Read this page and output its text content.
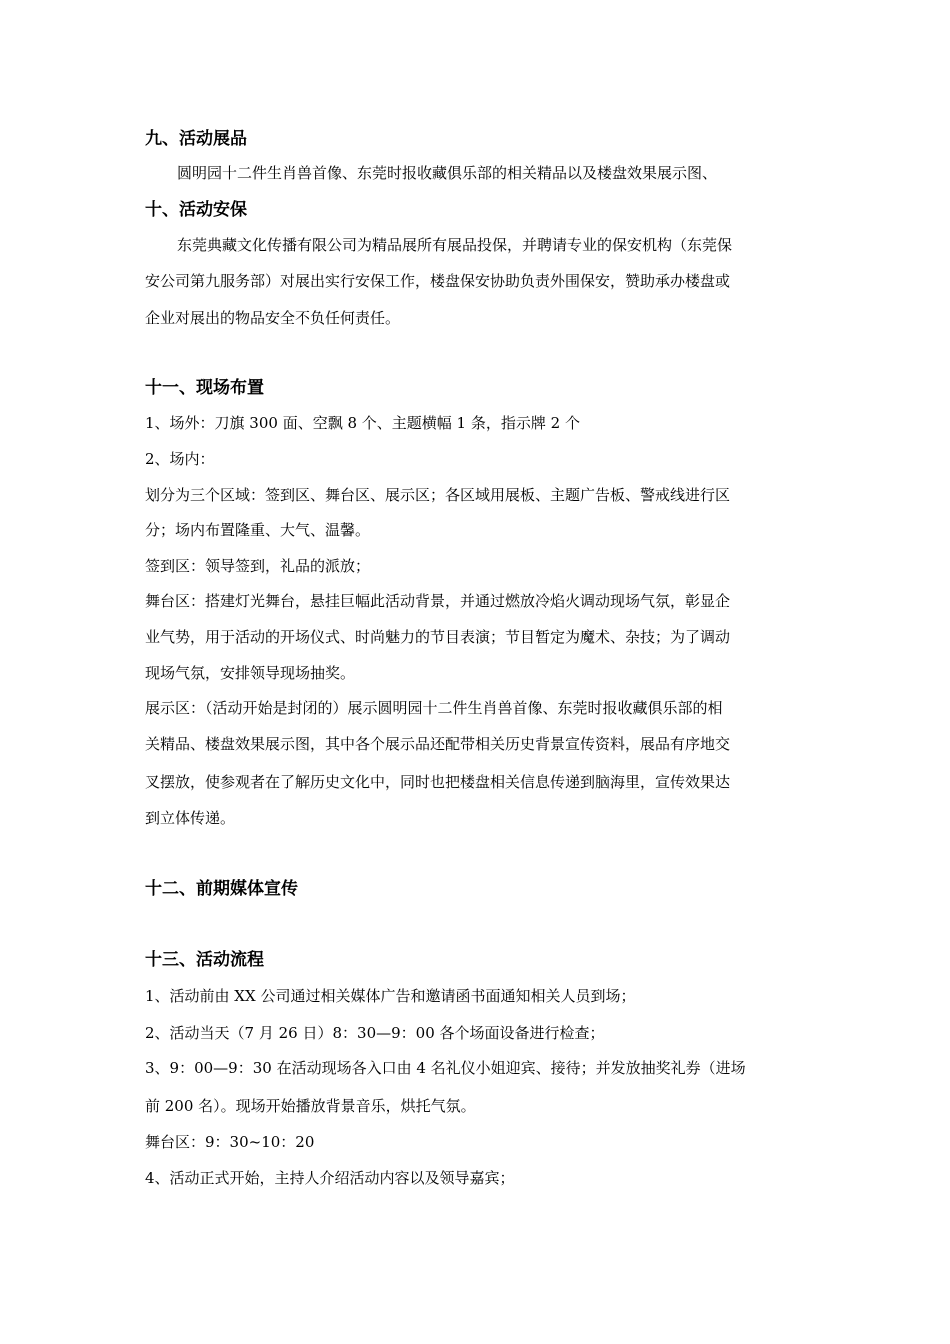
九、活动展品
圆明园十二件生肖兽首像、东莞时报收藏俱乐部的相关精品以及楼盘效果展示图、
十、活动安保
东莞典藏文化传播有限公司为精品展所有展品投保，并聘请专业的保安机构（东莞保
安公司第九服务部）对展出实行安保工作，楼盘保安协助负责外围保安，赞助承办楼盘或
企业对展出的物品安全不负任何责任。
十一、现场布置
1、场外：刀旗 300 面、空飘 8 个、主题横幅 1 条，指示牌 2 个
2、场内：
划分为三个区域：签到区、舞台区、展示区；各区域用展板、主题广告板、警戒线进行区
分；场内布置隆重、大气、温馨。
签到区：领导签到，礼品的派放；
舞台区：搭建灯光舞台，悬挂巨幅此活动背景，并通过燃放冷焰火调动现场气氛，彰显企
业气势，用于活动的开场仪式、时尚魅力的节目表演；节目暂定为魔术、杂技；为了调动
现场气氛，安排领导现场抽奖。
展示区：（活动开始是封闭的）展示圆明园十二件生肖兽首像、东莞时报收藏俱乐部的相
关精品、楼盘效果展示图，其中各个展示品还配带相关历史背景宣传资料，展品有序地交
叉摆放，使参观者在了解历史文化中，同时也把楼盘相关信息传递到脑海里，宣传效果达
到立体传递。
十二、前期媒体宣传
十三、活动流程
1、活动前由 XX 公司通过相关媒体广告和邀请函书面通知相关人员到场；
2、活动当天（7 月 26 日）8：30—9：00 各个场面设备进行检查；
3、9：00—9：30 在活动现场各入口由 4 名礼仪小姐迎宾、接待；并发放抽奖礼券（进场
前 200 名）。现场开始播放背景音乐，烘托气氛。
舞台区：9：30~10：20
4、活动正式开始，主持人介绍活动内容以及领导嘉宾；
